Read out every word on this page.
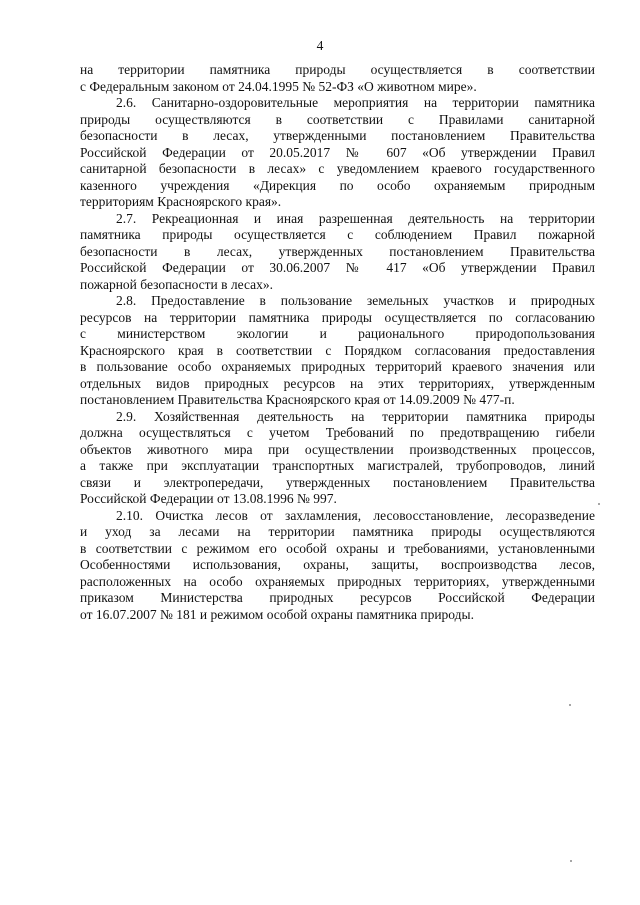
4
на территории памятника природы осуществляется в соответствии
с Федеральным законом от 24.04.1995 № 52-ФЗ «О животном мире».
2.6. Санитарно-оздоровительные мероприятия на территории памятника
природы осуществляются в соответствии с Правилами санитарной
безопасности в лесах, утвержденными постановлением Правительства
Российской Федерации от 20.05.2017 № 607 «Об утверждении Правил
санитарной безопасности в лесах» с уведомлением краевого государственного
казенного учреждения «Дирекция по особо охраняемым природным
территориям Красноярского края».
2.7. Рекреационная и иная разрешенная деятельность на территории
памятника природы осуществляется с соблюдением Правил пожарной
безопасности в лесах, утвержденных постановлением Правительства
Российской Федерации от 30.06.2007 № 417 «Об утверждении Правил
пожарной безопасности в лесах».
2.8. Предоставление в пользование земельных участков и природных
ресурсов на территории памятника природы осуществляется по согласованию
с министерством экологии и рационального природопользования
Красноярского края в соответствии с Порядком согласования предоставления
в пользование особо охраняемых природных территорий краевого значения или
отдельных видов природных ресурсов на этих территориях, утвержденным
постановлением Правительства Красноярского края от 14.09.2009 № 477-п.
2.9. Хозяйственная деятельность на территории памятника природы
должна осуществляться с учетом Требований по предотвращению гибели
объектов животного мира при осуществлении производственных процессов,
а также при эксплуатации транспортных магистралей, трубопроводов, линий
связи и электропередачи, утвержденных постановлением Правительства
Российской Федерации от 13.08.1996 № 997.
2.10. Очистка лесов от захламления, лесовосстановление, лесоразведение
и уход за лесами на территории памятника природы осуществляются
в соответствии с режимом его особой охраны и требованиями, установленными
Особенностями использования, охраны, защиты, воспроизводства лесов,
расположенных на особо охраняемых природных территориях, утвержденными
приказом Министерства природных ресурсов Российской Федерации
от 16.07.2007 № 181 и режимом особой охраны памятника природы.
